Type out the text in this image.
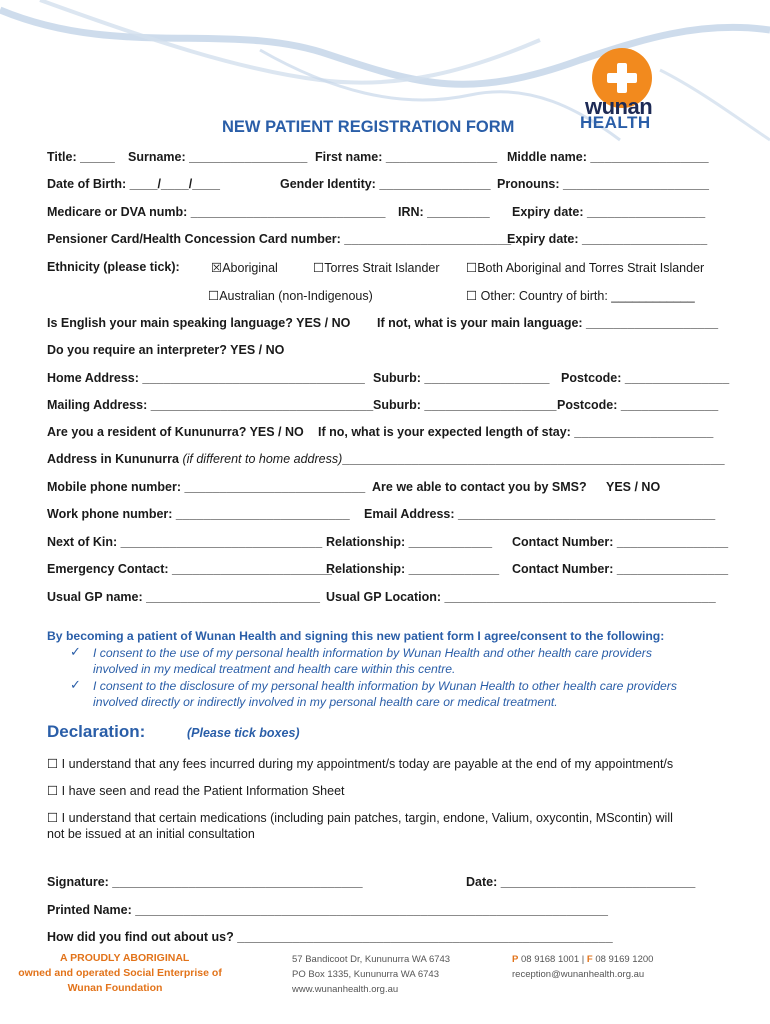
wunan
HEALTH
NEW PATIENT REGISTRATION FORM
Title: _____ Surname: _________________ First name: ________________ Middle name: _________________
Date of Birth: ____/____/____	Gender Identity: ________________ Pronouns: _____________________
Medicare or DVA numb: ____________________________ IRN: _________ Expiry date: _________________
Pensioner Card/Health Concession Card number: ________________________
Expiry date: __________________
Ethnicity (please tick):	☒Aboriginal	☐Torres Strait Islander ☐Both Aboriginal and Torres Strait Islander
☐Australian (non-Indigenous)	☐ Other: Country of birth: ____________
Is English your main speaking language? YES / NO If not, what is your main language: ___________________
Do you require an interpreter? YES / NO
Home Address: ________________________________ Suburb: __________________ Postcode: _______________
Mailing Address: ________________________________ Suburb: ___________________ Postcode: ______________
Are you a resident of Kununurra? YES / NO If no, what is your expected length of stay: ____________________
Address in Kununurra (if different to home address)_______________________________________________________
Mobile phone number: __________________________ Are we able to contact you by SMS? YES / NO
Work phone number: _________________________ Email Address: _____________________________________
Next of Kin: _____________________________ Relationship: ____________ Contact Number: ________________
Emergency Contact: _______________________
Relationship: _____________ Contact Number: ________________
Usual GP name: _________________________ Usual GP Location: _______________________________________
By becoming a patient of Wunan Health and signing this new patient form I agree/consent to the following:
✓ I consent to the use of my personal health information by Wunan Health and other health care providers
involved in my medical treatment and health care within this centre.
✓ I consent to the disclosure of my personal health information by Wunan Health to other health care providers
involved directly or indirectly involved in my personal health care or medical treatment.
Declaration:	(Please tick boxes)
☐ I understand that any fees incurred during my appointment/s today are payable at the end of my appointment/s
☐ I have seen and read the Patient Information Sheet
☐ I understand that certain medications (including pain patches, targin, endone, Valium, oxycontin, MScontin) will
not be issued at an initial consultation
Signature: ____________________________________	Date: ____________________________
Printed Name: ____________________________________________________________________
How did you find out about us? ______________________________________________________
A PROUDLY ABORIGINAL
owned and operated Social Enterprise of
Wunan Foundation
57 Bandicoot Dr, Kununurra WA 6743
PO Box 1335, Kununurra WA 6743
www.wunanhealth.org.au
P 08 9168 1001 | F 08 9169 1200
reception@wunanhealth.org.au
